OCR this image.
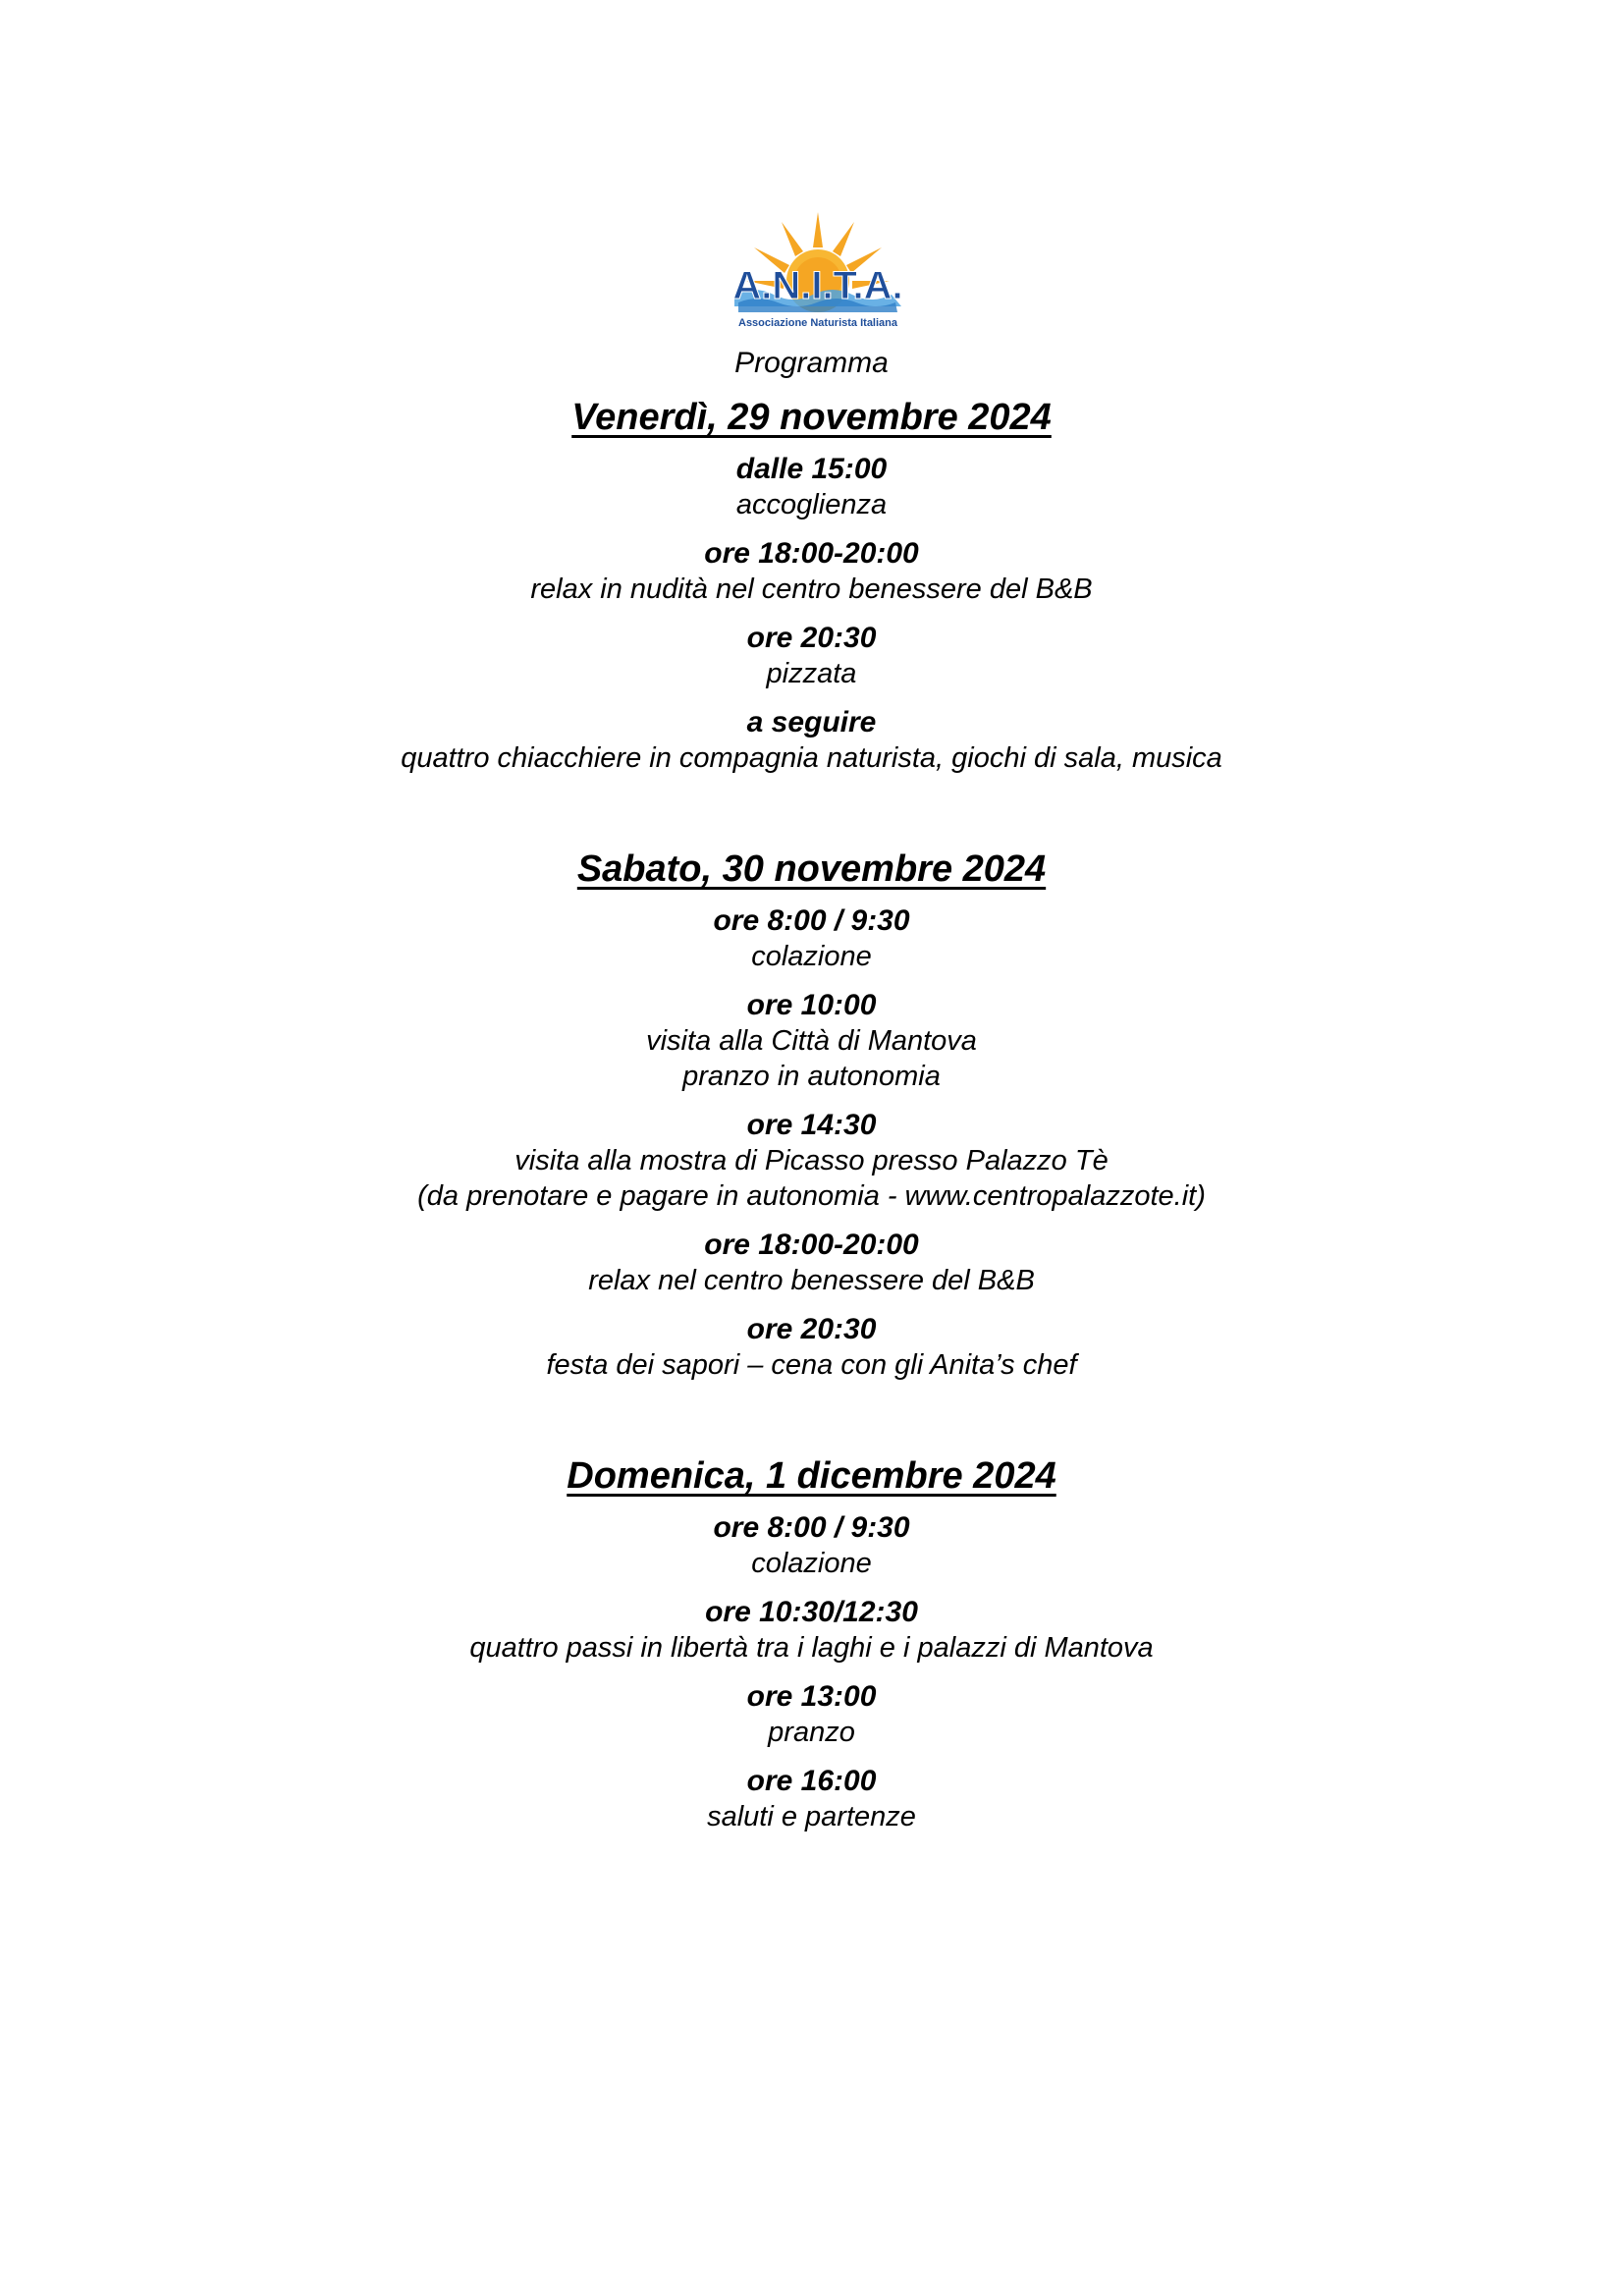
A.N.I.T.A.
Associazione Naturista Italiana
Programma
Venerdì, 29 novembre 2024
dalle 15:00
accoglienza
ore 18:00-20:00
relax in nudità nel centro benessere del B&B
ore 20:30
pizzata
a seguire
quattro chiacchiere in compagnia naturista, giochi di sala, musica
Sabato, 30 novembre 2024
ore 8:00 / 9:30
colazione
ore 10:00
visita alla Città di Mantova
pranzo in autonomia
ore 14:30
visita alla mostra di Picasso presso Palazzo Tè
(da prenotare e pagare in autonomia - www.centropalazzote.it)
ore 18:00-20:00
relax nel centro benessere del B&B
ore 20:30
festa dei sapori – cena con gli Anita’s chef
Domenica, 1 dicembre 2024
ore 8:00 / 9:30
colazione
ore 10:30/12:30
quattro passi in libertà tra i laghi e i palazzi di Mantova
ore 13:00
pranzo
ore 16:00
saluti e partenze
